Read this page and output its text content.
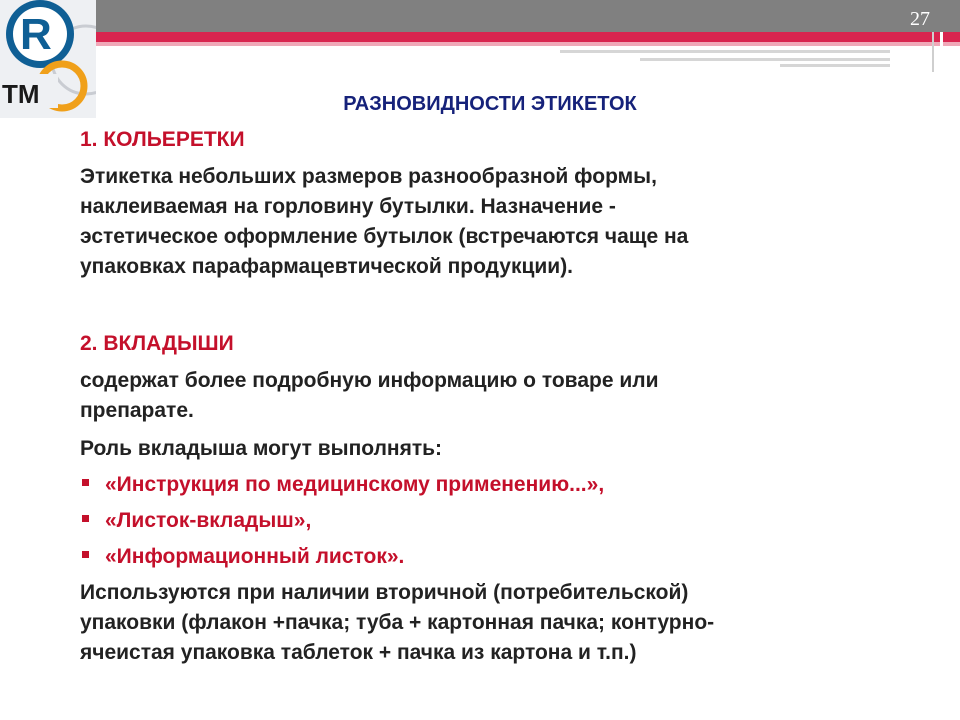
27
R
TM	РАЗНОВИДНОСТИ ЭТИКЕТОК
1. КОЛЬЕРЕТКИ
Этикетка небольших размеров разнообразной формы,
наклеиваемая на горловину бутылки. Назначение -
эстетическое оформление бутылок (встречаются чаще на
упаковках парафармацевтической продукции).
2. ВКЛАДЫШИ
содержат более подробную информацию о товаре или
препарате.
Роль вкладыша могут выполнять:
«Инструкция по медицинскому применению...»,
«Листок-вкладыш»,
«Информационный листок».
Используются при наличии вторичной (потребительской)
упаковки (флакон +пачка; туба + картонная пачка; контурно-
ячеистая упаковка таблеток + пачка из картона и т.п.)
